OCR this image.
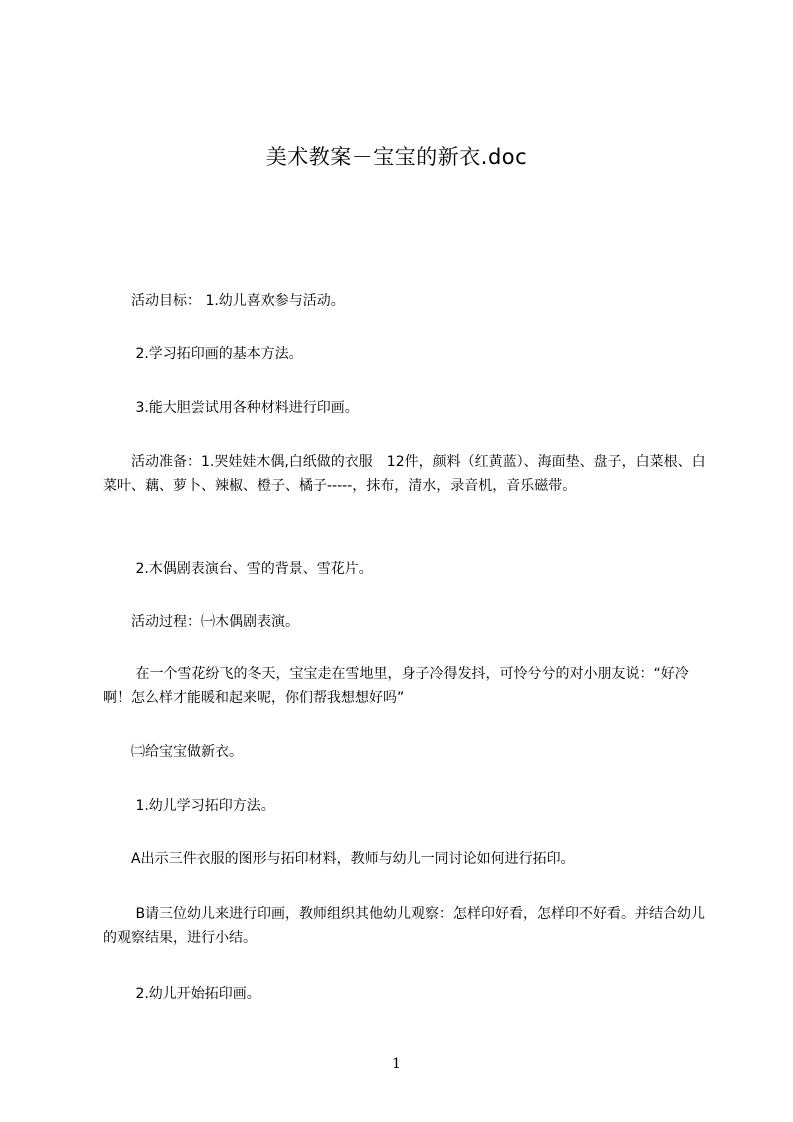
美术教案－宝宝的新衣.doc
　　活动目标： 1.幼儿喜欢参与活动。
　　 2.学习拓印画的基本方法。
　　 3.能大胆尝试用各种材料进行印画。
　　活动准备：1.哭娃娃木偶,白纸做的衣服　12件，颜料（红黄蓝）、海面垫、盘子，白菜根、白菜叶、藕、萝卜、辣椒、橙子、橘子-----，抹布，清水，录音机，音乐磁带。
　　 2.木偶剧表演台、雪的背景、雪花片。
　　活动过程：㈠木偶剧表演。
　　 在一个雪花纷飞的冬天，宝宝走在雪地里，身子冷得发抖，可怜兮兮的对小朋友说：“好冷啊！怎么样才能暖和起来呢，你们帮我想想好吗”
　　㈡给宝宝做新衣。
　　 1.幼儿学习拓印方法。
　　A出示三件衣服的图形与拓印材料，教师与幼儿一同讨论如何进行拓印。
　　 B请三位幼儿来进行印画，教师组织其他幼儿观察：怎样印好看，怎样印不好看。并结合幼儿的观察结果，进行小结。
　　 2.幼儿开始拓印画。
1
